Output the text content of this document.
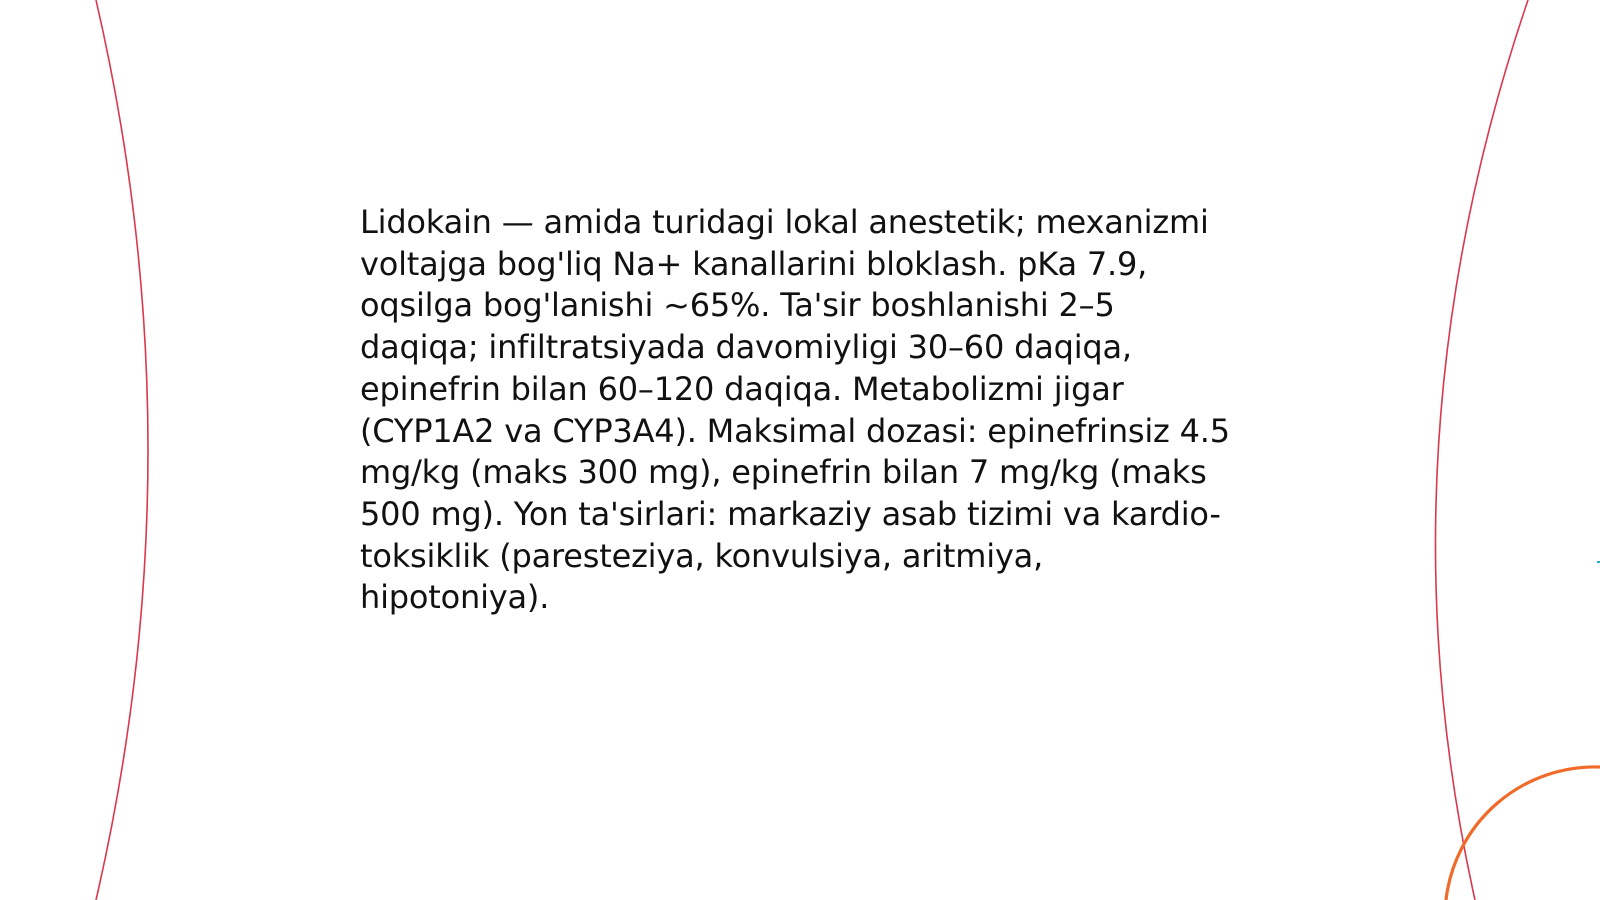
Lidokain — amida turidagi lokal anestetik; mexanizmi
voltajga bog'liq Na+ kanallarini bloklash. pKa 7.9,
oqsilga bog'lanishi ~65%. Ta'sir boshlanishi 2–5
daqiqa; infiltratsiyada davomiyligi 30–60 daqiqa,
epinefrin bilan 60–120 daqiqa. Metabolizmi jigar
(CYP1A2 va CYP3A4). Maksimal dozasi: epinefrinsiz 4.5
mg/kg (maks 300 mg), epinefrin bilan 7 mg/kg (maks
500 mg). Yon ta'sirlari: markaziy asab tizimi va kardio-
toksiklik (paresteziya, konvulsiya, aritmiya,
hipotoniya).
